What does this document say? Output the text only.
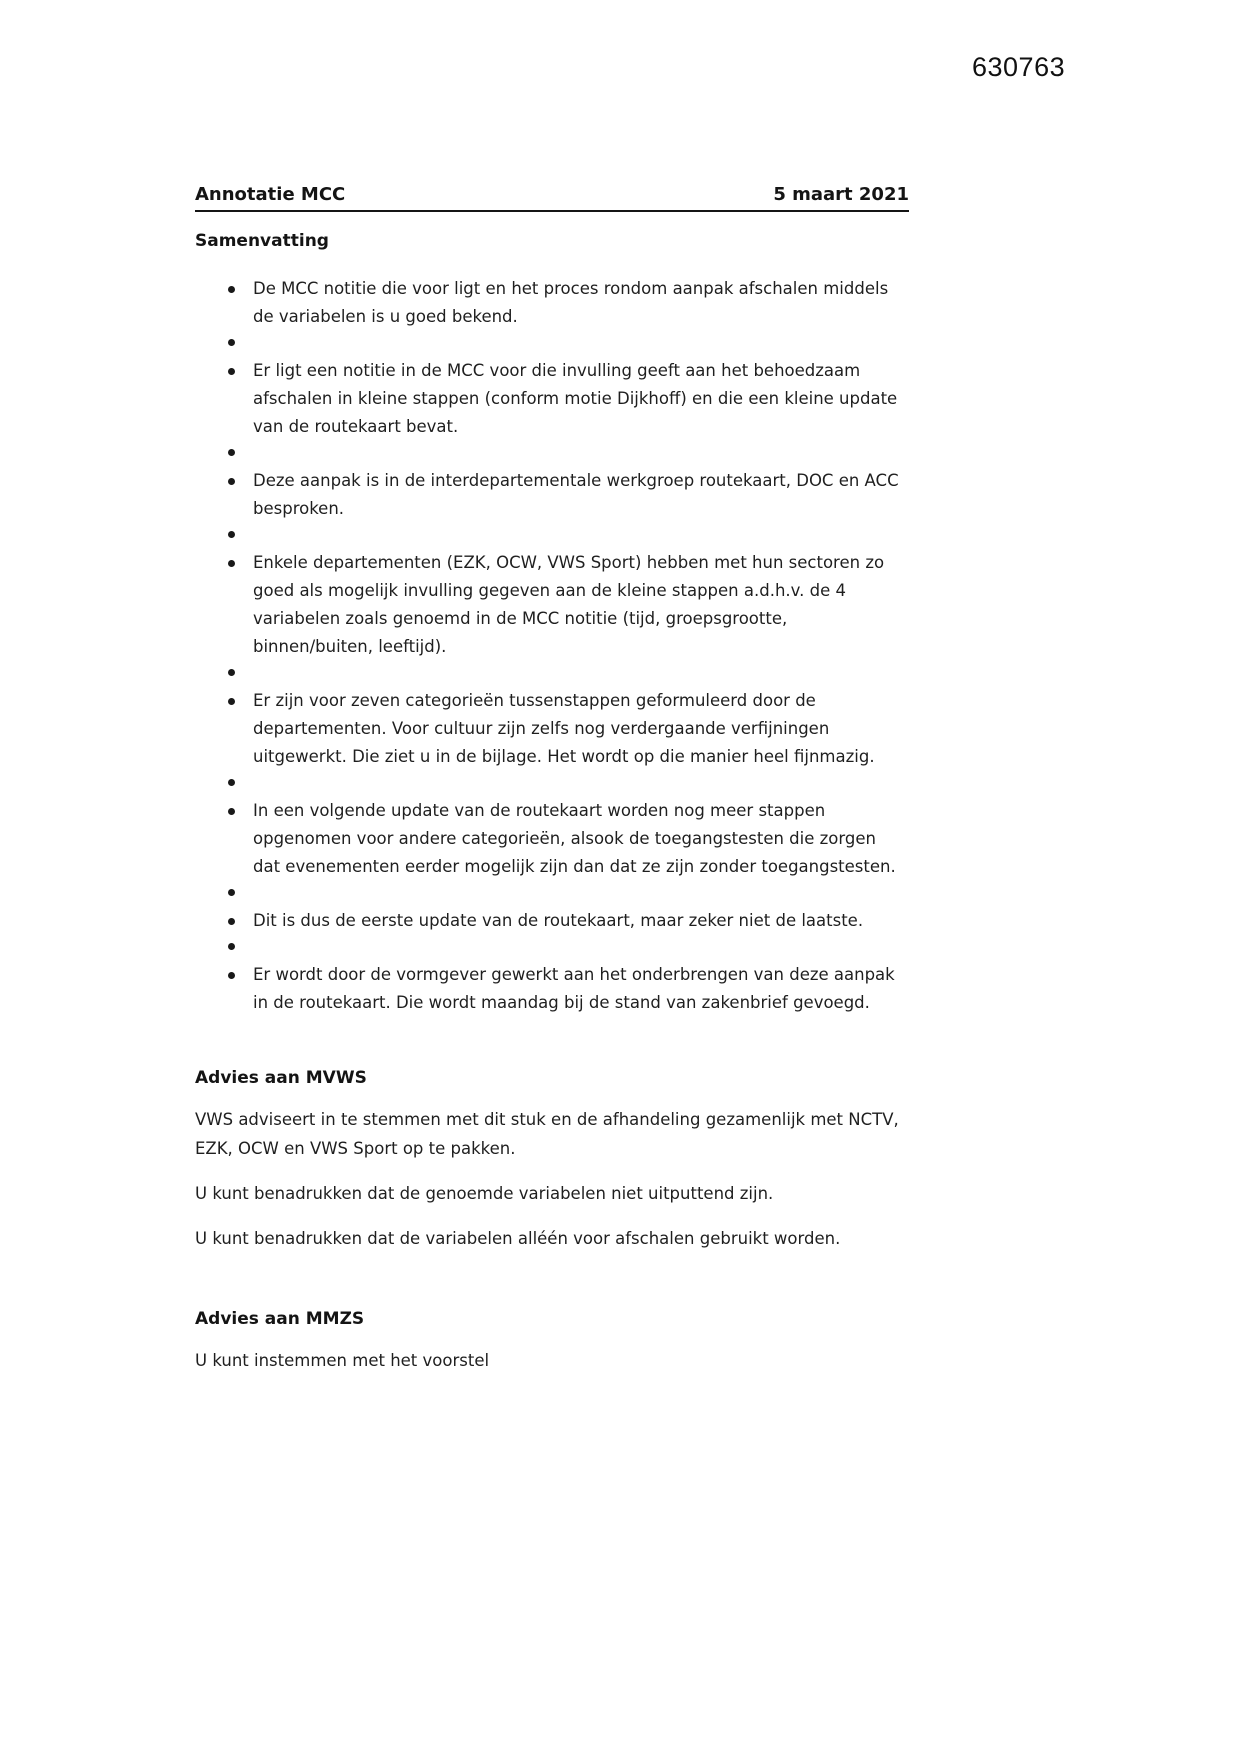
630763
Annotatie MCC	5 maart 2021
Samenvatting
De MCC notitie die voor ligt en het proces rondom aanpak afschalen middels de variabelen is u goed bekend.
Er ligt een notitie in de MCC voor die invulling geeft aan het behoedzaam afschalen in kleine stappen (conform motie Dijkhoff) en die een kleine update van de routekaart bevat.
Deze aanpak is in de interdepartementale werkgroep routekaart, DOC en ACC besproken.
Enkele departementen (EZK, OCW, VWS Sport) hebben met hun sectoren zo goed als mogelijk invulling gegeven aan de kleine stappen a.d.h.v. de 4 variabelen zoals genoemd in de MCC notitie (tijd, groepsgrootte, binnen/buiten, leeftijd).
Er zijn voor zeven categorieën tussenstappen geformuleerd door de departementen. Voor cultuur zijn zelfs nog verdergaande verfijningen uitgewerkt. Die ziet u in de bijlage. Het wordt op die manier heel fijnmazig.
In een volgende update van de routekaart worden nog meer stappen opgenomen voor andere categorieën, alsook de toegangstesten die zorgen dat evenementen eerder mogelijk zijn dan dat ze zijn zonder toegangstesten.
Dit is dus de eerste update van de routekaart, maar zeker niet de laatste.
Er wordt door de vormgever gewerkt aan het onderbrengen van deze aanpak in de routekaart. Die wordt maandag bij de stand van zakenbrief gevoegd.
Advies aan MVWS

VWS adviseert in te stemmen met dit stuk en de afhandeling gezamenlijk met NCTV, EZK, OCW en VWS Sport op te pakken.

U kunt benadrukken dat de genoemde variabelen niet uitputtend zijn.

U kunt benadrukken dat de variabelen alléén voor afschalen gebruikt worden.

Advies aan MMZS

U kunt instemmen met het voorstel
